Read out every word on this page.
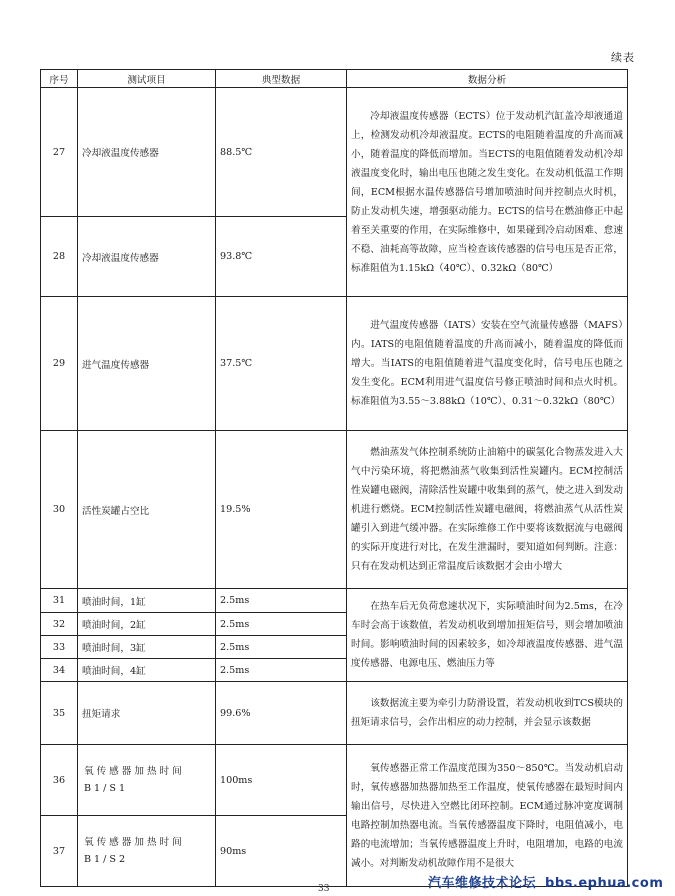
续表
序号	测试项目	典型数据	数据分析
27	冷却液温度传感器	88.5℃	冷却液温度传感器（ECTS）位于发动机汽缸盖冷却液通道上，检测发动机冷却液温度。ECTS的电阻随着温度的升高而减小，随着温度的降低而增加。当ECTS的电阻值随着发动机冷却液温度变化时，输出电压也随之发生变化。在发动机低温工作期间，ECM根据水温传感器信号增加喷油时间并控制点火时机，防止发动机失速，增强驱动能力。ECTS的信号在燃油修正中起着至关重要的作用，在实际维修中，如果碰到冷启动困难、怠速不稳、油耗高等故障，应当检查该传感器的信号电压是否正常，标准阻值为1.15kΩ（40℃）、0.32kΩ（80℃）

28	冷却液温度传感器	93.8℃	
29	进气温度传感器	37.5℃	进气温度传感器（IATS）安装在空气流量传感器（MAFS）内。IATS的电阻值随着温度的升高而减小，随着温度的降低而增大。当IATS的电阻值随着进气温度变化时，信号电压也随之发生变化。ECM利用进气温度信号修正喷油时间和点火时机。标准阻值为3.55～3.88kΩ（10℃）、0.31～0.32kΩ（80℃）

30	活性炭罐占空比	19.5%	燃油蒸发气体控制系统防止油箱中的碳氢化合物蒸发进入大气中污染环境，将把燃油蒸气收集到活性炭罐内。ECM控制活性炭罐电磁阀，清除活性炭罐中收集到的蒸气，使之进入到发动机进行燃烧。ECM控制活性炭罐电磁阀，将燃油蒸气从活性炭罐引入到进气缓冲器。在实际维修工作中要将该数据流与电磁阀的实际开度进行对比，在发生泄漏时，要知道如何判断。注意：只有在发动机达到正常温度后该数据才会由小增大

31	喷油时间，1缸	2.5ms	在热车后无负荷怠速状况下，实际喷油时间为2.5ms，在冷车时会高于该数值，若发动机收到增加扭矩信号，则会增加喷油时间。影响喷油时间的因素较多，如冷却液温度传感器、进气温度传感器、电源电压、燃油压力等

32	喷油时间，2缸	2.5ms	
33	喷油时间，3缸	2.5ms	
34	喷油时间，4缸	2.5ms	
35	扭矩请求	99.6%	该数据流主要为牵引力防滑设置，若发动机收到TCS模块的扭矩请求信号，会作出相应的动力控制，并会显示该数据

36	氧传感器加热时间B1/S1	100ms	氧传感器正常工作温度范围为350～850℃。当发动机启动时，氧传感器加热器加热至工作温度，使氧传感器在最短时间内输出信号，尽快进入空燃比闭环控制。ECM通过脉冲宽度调制电路控制加热器电流。当氧传感器温度下降时，电阻值减小，电路的电流增加；当氧传感器温度上升时，电阻增加，电路的电流减小。对判断发动机故障作用不是很大

37	氧传感器加热时间B1/S2	90ms	
33	汽车维修技术论坛 bbs.ephua.com
